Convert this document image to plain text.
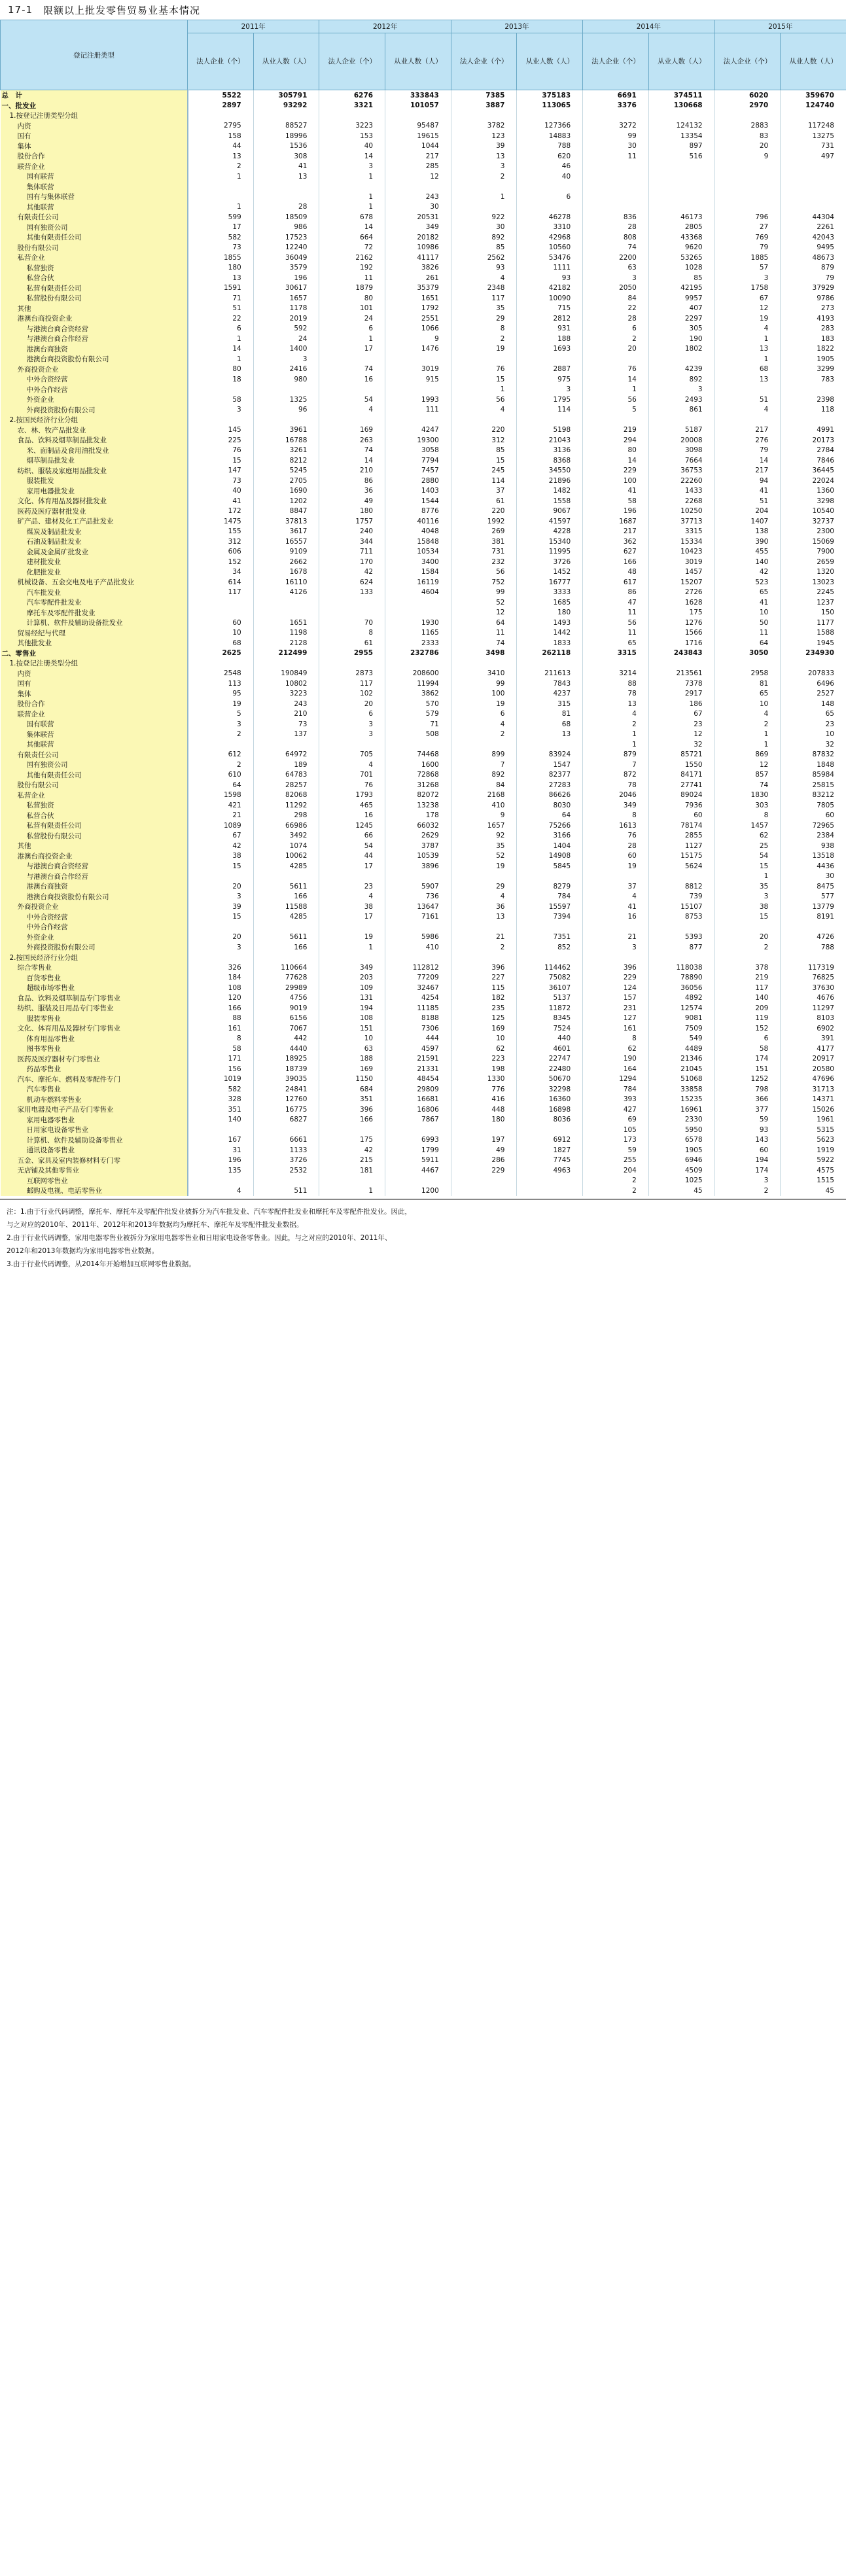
17-1 限额以上批发零售贸易业基本情况
登记注册类型	2011年		2012年		2013年		2014年		2015年	
	法人企业（个）	从业人数（人）	法人企业（个）	从业人数（人）	法人企业（个）	从业人数（人）	法人企业（个）	从业人数（人）	法人企业（个）	从业人数（人）
总　计	5522	305791	6276	333843	7385	375183	6691	374511	6020	359670
一、批发业	2897	93292	3321	101057	3887	113065	3376	130668	2970	124740
1.按登记注册类型分组										
内资	2795	88527	3223	95487	3782	127366	3272	124132	2883	117248
国有	158	18996	153	19615	123	14883	99	13354	83	13275
集体	44	1536	40	1044	39	788	30	897	20	731
股份合作	13	308	14	217	13	620	11	516	9	497
联营企业	2	41	3	285	3	46				
国有联营	1	13	1	12	2	40				
集体联营										
国有与集体联营			1	243	1	6				
其他联营	1	28	1	30						
有限责任公司	599	18509	678	20531	922	46278	836	46173	796	44304
国有独资公司	17	986	14	349	30	3310	28	2805	27	2261
其他有限责任公司	582	17523	664	20182	892	42968	808	43368	769	42043
股份有限公司	73	12240	72	10986	85	10560	74	9620	79	9495
私营企业	1855	36049	2162	41117	2562	53476	2200	53265	1885	48673
私营独资	180	3579	192	3826	93	1111	63	1028	57	879
私营合伙	13	196	11	261	4	93	3	85	3	79
私营有限责任公司	1591	30617	1879	35379	2348	42182	2050	42195	1758	37929
私营股份有限公司	71	1657	80	1651	117	10090	84	9957	67	9786
其他	51	1178	101	1792	35	715	22	407	12	273
港澳台商投资企业	22	2019	24	2551	29	2812	28	2297	19	4193
与港澳台商合资经营	6	592	6	1066	8	931	6	305	4	283
与港澳台商合作经营	1	24	1	9	2	188	2	190	1	183
港澳台商独资	14	1400	17	1476	19	1693	20	1802	13	1822
港澳台商投资股份有限公司	1	3							1	1905
外商投资企业	80	2416	74	3019	76	2887	76	4239	68	3299
中外合资经营	18	980	16	915	15	975	14	892	13	783
中外合作经营					1	3	1	3		
外资企业	58	1325	54	1993	56	1795	56	2493	51	2398
外商投资股份有限公司	3	96	4	111	4	114	5	861	4	118
2.按国民经济行业分组										
农、林、牧产品批发业	145	3961	169	4247	220	5198	219	5187	217	4991
食品、饮料及烟草制品批发业	225	16788	263	19300	312	21043	294	20008	276	20173
米、面制品及食用油批发业	76	3261	74	3058	85	3136	80	3098	79	2784
烟草制品批发业	15	8212	14	7794	15	8368	14	7664	14	7846
纺织、服装及家庭用品批发业	147	5245	210	7457	245	34550	229	36753	217	36445
服装批发	73	2705	86	2880	114	21896	100	22260	94	22024
家用电器批发业	40	1690	36	1403	37	1482	41	1433	41	1360
文化、体育用品及器材批发业	41	1202	49	1544	61	1558	58	2268	51	3298
医药及医疗器材批发业	172	8847	180	8776	220	9067	196	10250	204	10540
矿产品、建材及化工产品批发业	1475	37813	1757	40116	1992	41597	1687	37713	1407	32737
煤炭及制品批发业	155	3617	240	4048	269	4228	217	3315	138	2300
石油及制品批发业	312	16557	344	15848	381	15340	362	15334	390	15069
金属及金属矿批发业	606	9109	711	10534	731	11995	627	10423	455	7900
建材批发业	152	2662	170	3400	232	3726	166	3019	140	2659
化肥批发业	34	1678	42	1584	56	1452	48	1457	42	1320
机械设备、五金交电及电子产品批发业	614	16110	624	16119	752	16777	617	15207	523	13023
汽车批发业	117	4126	133	4604	99	3333	86	2726	65	2245
汽车零配件批发业					52	1685	47	1628	41	1237
摩托车及零配件批发业					12	180	11	175	10	150
计算机、软件及辅助设备批发业	60	1651	70	1930	64	1493	56	1276	50	1177
贸易经纪与代理	10	1198	8	1165	11	1442	11	1566	11	1588
其他批发业	68	2128	61	2333	74	1833	65	1716	64	1945
二、零售业	2625	212499	2955	232786	3498	262118	3315	243843	3050	234930
1.按登记注册类型分组										
内资	2548	190849	2873	208600	3410	211613	3214	213561	2958	207833
国有	113	10802	117	11994	99	7843	88	7378	81	6496
集体	95	3223	102	3862	100	4237	78	2917	65	2527
股份合作	19	243	20	570	19	315	13	186	10	148
联营企业	5	210	6	579	6	81	4	67	4	65
国有联营	3	73	3	71	4	68	2	23	2	23
集体联营	2	137	3	508	2	13	1	12	1	10
其他联营							1	32	1	32
有限责任公司	612	64972	705	74468	899	83924	879	85721	869	87832
国有独资公司	2	189	4	1600	7	1547	7	1550	12	1848
其他有限责任公司	610	64783	701	72868	892	82377	872	84171	857	85984
股份有限公司	64	28257	76	31268	84	27283	78	27741	74	25815
私营企业	1598	82068	1793	82072	2168	86626	2046	89024	1830	83212
私营独资	421	11292	465	13238	410	8030	349	7936	303	7805
私营合伙	21	298	16	178	9	64	8	60	8	60
私营有限责任公司	1089	66986	1245	66032	1657	75266	1613	78174	1457	72965
私营股份有限公司	67	3492	66	2629	92	3166	76	2855	62	2384
其他	42	1074	54	3787	35	1404	28	1127	25	938
港澳台商投资企业	38	10062	44	10539	52	14908	60	15175	54	13518
与港澳台商合资经营	15	4285	17	3896	19	5845	19	5624	15	4436
与港澳台商合作经营									1	30
港澳台商独资	20	5611	23	5907	29	8279	37	8812	35	8475
港澳台商投资股份有限公司	3	166	4	736	4	784	4	739	3	577
外商投资企业	39	11588	38	13647	36	15597	41	15107	38	13779
中外合资经营	15	4285	17	7161	13	7394	16	8753	15	8191
中外合作经营										
外资企业	20	5611	19	5986	21	7351	21	5393	20	4726
外商投资股份有限公司	3	166	1	410	2	852	3	877	2	788
2.按国民经济行业分组										
综合零售业	326	110664	349	112812	396	114462	396	118038	378	117319
百货零售业	184	77628	203	77209	227	75082	229	78890	219	76825
超级市场零售业	108	29989	109	32467	115	36107	124	36056	117	37630
食品、饮料及烟草制品专门零售业	120	4756	131	4254	182	5137	157	4892	140	4676
纺织、服装及日用品专门零售业	166	9019	194	11185	235	11872	231	12574	209	11297
服装零售业	88	6156	108	8188	125	8345	127	9081	119	8103
文化、体育用品及器材专门零售业	161	7067	151	7306	169	7524	161	7509	152	6902
体育用品零售业	8	442	10	444	10	440	8	549	6	391
图书零售业	58	4440	63	4597	62	4601	62	4489	58	4177
医药及医疗器材专门零售业	171	18925	188	21591	223	22747	190	21346	174	20917
药品零售业	156	18739	169	21331	198	22480	164	21045	151	20580
汽车、摩托车、燃料及零配件专门	1019	39035	1150	48454	1330	50670	1294	51068	1252	47696
汽车零售业	582	24841	684	29809	776	32298	784	33858	798	31713
机动车燃料零售业	328	12760	351	16681	416	16360	393	15235	366	14371
家用电器及电子产品专门零售业	351	16775	396	16806	448	16898	427	16961	377	15026
家用电器零售业	140	6827	166	7867	180	8036	69	2330	59	1961
日用家电设备零售业							105	5950	93	5315
计算机、软件及辅助设备零售业	167	6661	175	6993	197	6912	173	6578	143	5623
通讯设备零售业	31	1133	42	1799	49	1827	59	1905	60	1919
五金、家具及室内装修材料专门零	196	3726	215	5911	286	7745	255	6946	194	5922
无店铺及其他零售业	135	2532	181	4467	229	4963	204	4509	174	4575
互联网零售业							2	1025	3	1515
邮购及电视、电话零售业	4	511	1	1200			2	45	2	45
注：1.由于行业代码调整，摩托车、摩托车及零配件批发业被拆分为汽车批发业、汽车零配件批发业和摩托车及零配件批发业。因此，
与之对应的2010年、2011年、2012年和2013年数据均为摩托车、摩托车及零配件批发业数据。
2.由于行业代码调整，家用电器零售业被拆分为家用电器零售业和日用家电设备零售业。因此，与之对应的2010年、2011年、
2012年和2013年数据均为家用电器零售业数据。
3.由于行业代码调整，从2014年开始增加互联网零售业数据。
